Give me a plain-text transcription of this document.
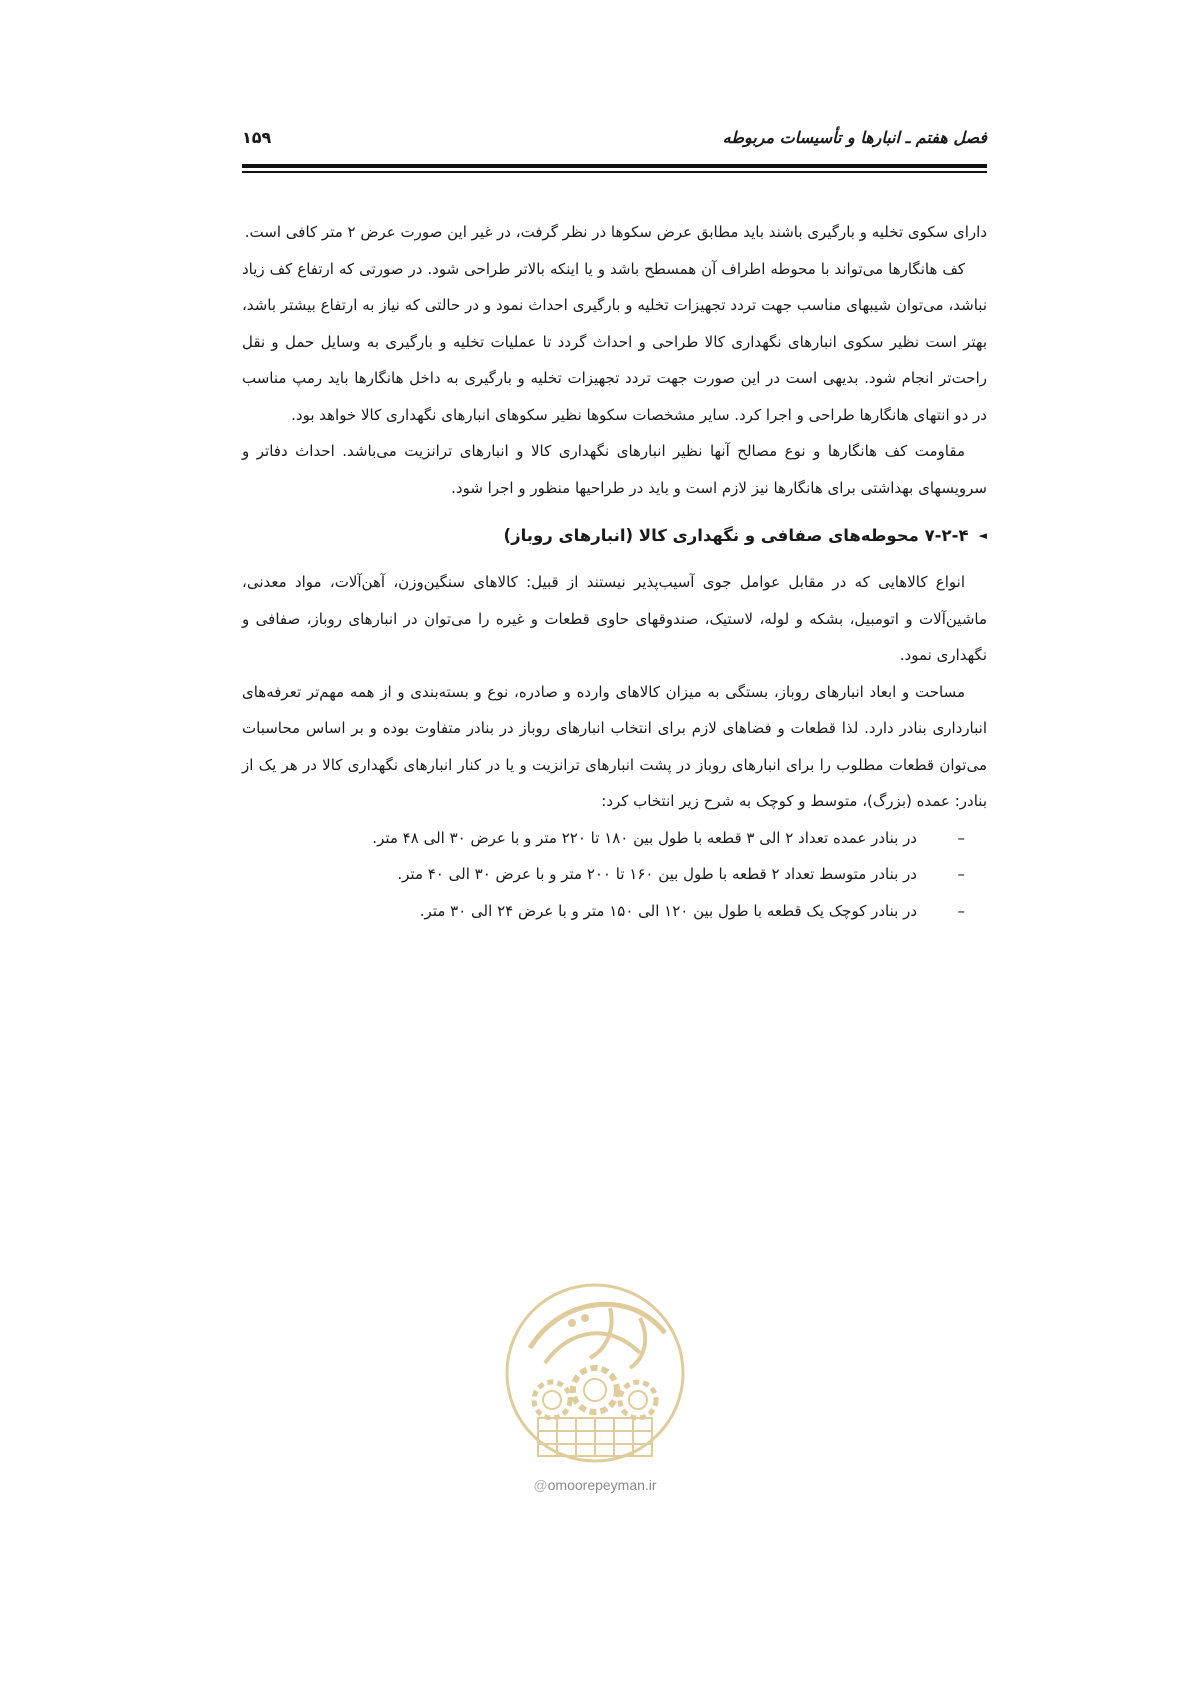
فصل هفتم ـ انبارها و تأسیسات مربوطه
۱۵۹

دارای سکوی تخلیه و بارگیری باشند باید مطابق عرض سکوها در نظر گرفت، در غیر این صورت عرض ۲ متر کافی است.

کف هانگارها می‌تواند با محوطه اطراف آن همسطح باشد و یا اینکه بالاتر طراحی شود. در صورتی که ارتفاع کف زیاد نباشد، می‌توان شیبهای مناسب جهت تردد تجهیزات تخلیه و بارگیری احداث نمود و در حالتی که نیاز به ارتفاع بیشتر باشد، بهتر است نظیر سکوی انبارهای نگهداری کالا طراحی و احداث گردد تا عملیات تخلیه و بارگیری به وسایل حمل و نقل راحت‌تر انجام شود. بدیهی است در این صورت جهت تردد تجهیزات تخلیه و بارگیری به داخل هانگارها باید رمپ مناسب در دو انتهای هانگارها طراحی و اجرا کرد. سایر مشخصات سکوها نظیر سکوهای انبارهای نگهداری کالا خواهد بود.

مقاومت کف هانگارها و نوع مصالح آنها نظیر انبارهای نگهداری کالا و انبارهای ترانزیت می‌باشد. احداث دفاتر و سرویسهای بهداشتی برای هانگارها نیز لازم است و باید در طراحیها منظور و اجرا شود.

◄۷-۲-۴ محوطه‌های صفافی و نگهداری کالا (انبارهای روباز)

انواع کالاهایی که در مقابل عوامل جوی آسیب‌پذیر نیستند از قبیل: کالاهای سنگین‌وزن، آهن‌آلات، مواد معدنی، ماشین‌آلات و اتومبیل، بشکه و لوله، لاستیک، صندوقهای حاوی قطعات و غیره را می‌توان در انبارهای روباز، صفافی و نگهداری نمود.

مساحت و ابعاد انبارهای روباز، بستگی به میزان کالاهای وارده و صادره، نوع و بسته‌بندی و از همه مهم‌تر تعرفه‌های انبارداری بنادر دارد. لذا قطعات و فضاهای لازم برای انتخاب انبارهای روباز در بنادر متفاوت بوده و بر اساس محاسبات می‌توان قطعات مطلوب را برای انبارهای روباز در پشت انبارهای ترانزیت و یا در کنار انبارهای نگهداری کالا در هر یک از بنادر: عمده (بزرگ)، متوسط و کوچک به شرح زیر انتخاب کرد:

–
در بنادر عمده تعداد ۲ الی ۳ قطعه با طول بین ۱۸۰ تا ۲۲۰ متر و با عرض ۳۰ الی ۴۸ متر.
–
در بنادر متوسط تعداد ۲ قطعه با طول بین ۱۶۰ تا ۲۰۰ متر و با عرض ۳۰ الی ۴۰ متر.
–
در بنادر کوچک یک قطعه با طول بین ۱۲۰ الی ۱۵۰ متر و با عرض ۲۴ الی ۳۰ متر.
@omoorepeyman.ir
